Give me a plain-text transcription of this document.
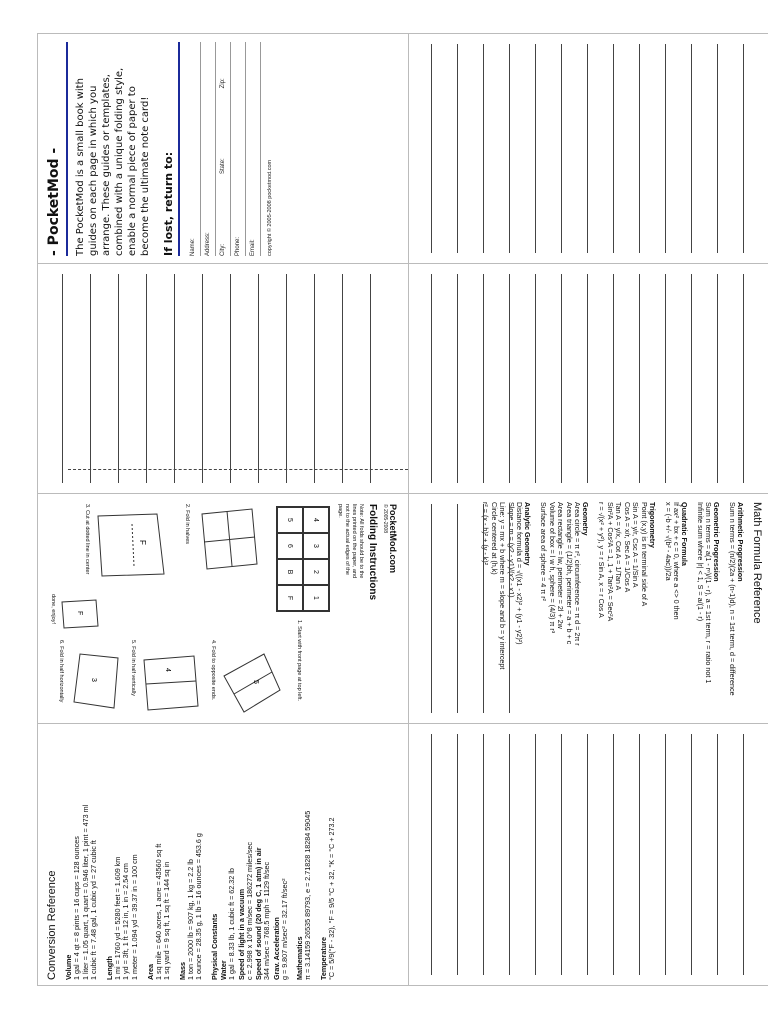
- PocketMod - The PocketMod is a small book with guides on each page in which you arrange. These guides or templates, combined with a unique folding style, enable a normal piece of paper to become the ultimate note card! If lost, return to:	Name:	Address:	City:
State:
Zip:
Phone:	Email:	copyright © 2005-2008 pocketmod.com
PocketMod.com
© 2005-2008
Folding Instructions
Note: All folds should be to the
lines printed on the paper, and
not to the actual edges of the
page.
4
3
2
1
5
6
B
F
1. Start with front page at top left.
2. Fold in halves
F
3. Cut at dotted line in center
5
4. Fold to opposite ends.
4
5. Fold in half vertically
3
6. Fold in half horizontally
F
done, enjoy!	Math Formula Reference
Arithmetic Progression
Sum n terms = (n/2)(2a + (n-1)d), n = 1st term, d = difference
Geometric Progression
Sum n terms = a(1 - rⁿ)/(1 - r), a = 1st term, r = ratio not 1
Infinite sum where |r| < 1, S = a/(1 - r)
Quadratic Formula
If ax² + bx + c = 0, where a <> 0 then
x = (-b +/- √(b² - 4ac))/2a
Trigonometry
Point (x,y) is in terminal side of A
Sin A = y/r, Csc A = 1/Sin A
Cos A = x/r, Sec A = 1/Cos A
Tan A = y/x, Cot A = 1/Tan A
Sin²A + Cos²A = 1, 1 + Tan²A = Sec²A
r = √(x² + y²), y = r Sin A, x = r Cos A
Geometry
Area circle = π r², circumference = π d = 2π r
Area triangle = (1/2)bh, perimeter = a + b + c
Area rectangle = lw, perimeter = 2l + 2w
Volume of box = l w h, sphere = (4/3) π r³
Surface area of sphere = 4 π r²
Analytic Geometry
Distance formula d = √((x1 - x2)² + (y1 - y2)²)
Slope = m = (y2 - y1)/(x2 - x1)
Line: y = mx + b where m = slope and b = y intercept
Circle centered at (h,k)
r² = (x - h)² + (y - k)²
Conversion Reference Volume 1 gal = 4 qt = 8 pints = 16 cups = 128 ounces 1 liter = 1.05 quart, 1 quart = 0.946 liter, 1 pint = 473 ml 1 cubic ft = 7.48 gal, 1 cubic yd = 27 cubic ft Length 1 mi = 1760 yd = 5280 feet = 1.609 km 1 yd = 3ft, 1 ft = 12 in, 1 in = 2.54 cm 1 meter = 1.094 yd = 39.37 in = 100 cm Area 1 sq mile = 640 acres, 1 acre = 43560 sq ft 1 sq yard = 9 sq ft, 1 sq ft = 144 sq in Mass 1 ton = 2000 lb = 907 kg, 1 kg = 2.2 lb 1 ounce = 28.35 g, 1 lb = 16 ounces = 453.6 g Physical Constants Water 1 gal = 8.33 lb, 1 cubic ft = 62.32 lb Speed of light in a vacuum c = 2.998 x 10^8 m/sec = 186272 miles/sec Speed of sound (20 deg C, 1 atm) in air 344 m/sec = 768.5 mph = 1129 ft/sec Grav. Acceleration g = 9.807 m/sec² = 32.17 ft/sec² Mathematics π = 3.14159 26535 89793, e = 2.71828 18284 59045 Temperature °C = 5/9(°F - 32), °F = 9/5 °C + 32, °K = °C + 273.2
